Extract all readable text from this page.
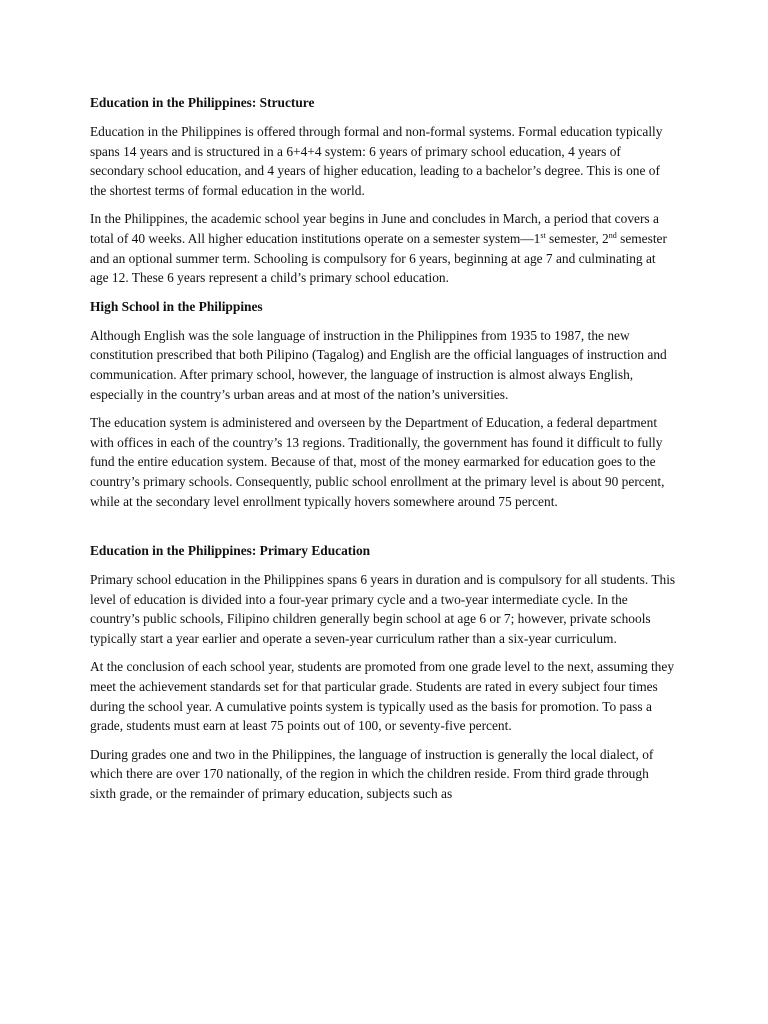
Education in the Philippines: Structure

Education in the Philippines is offered through formal and non-formal systems. Formal education typically spans 14 years and is structured in a 6+4+4 system: 6 years of primary school education, 4 years of secondary school education, and 4 years of higher education, leading to a bachelor’s degree. This is one of the shortest terms of formal education in the world.

In the Philippines, the academic school year begins in June and concludes in March, a period that covers a total of 40 weeks. All higher education institutions operate on a semester system—1st semester, 2nd semester and an optional summer term. Schooling is compulsory for 6 years, beginning at age 7 and culminating at age 12. These 6 years represent a child’s primary school education.

High School in the Philippines

Although English was the sole language of instruction in the Philippines from 1935 to 1987, the new constitution prescribed that both Pilipino (Tagalog) and English are the official languages of instruction and communication. After primary school, however, the language of instruction is almost always English, especially in the country’s urban areas and at most of the nation’s universities.

The education system is administered and overseen by the Department of Education, a federal department with offices in each of the country’s 13 regions. Traditionally, the government has found it difficult to fully fund the entire education system. Because of that, most of the money earmarked for education goes to the country’s primary schools. Consequently, public school enrollment at the primary level is about 90 percent, while at the secondary level enrollment typically hovers somewhere around 75 percent.

Education in the Philippines: Primary Education

Primary school education in the Philippines spans 6 years in duration and is compulsory for all students. This level of education is divided into a four-year primary cycle and a two-year intermediate cycle. In the country’s public schools, Filipino children generally begin school at age 6 or 7; however, private schools typically start a year earlier and operate a seven-year curriculum rather than a six-year curriculum.

At the conclusion of each school year, students are promoted from one grade level to the next, assuming they meet the achievement standards set for that particular grade. Students are rated in every subject four times during the school year. A cumulative points system is typically used as the basis for promotion. To pass a grade, students must earn at least 75 points out of 100, or seventy-five percent.

During grades one and two in the Philippines, the language of instruction is generally the local dialect, of which there are over 170 nationally, of the region in which the children reside. From third grade through sixth grade, or the remainder of primary education, subjects such as
